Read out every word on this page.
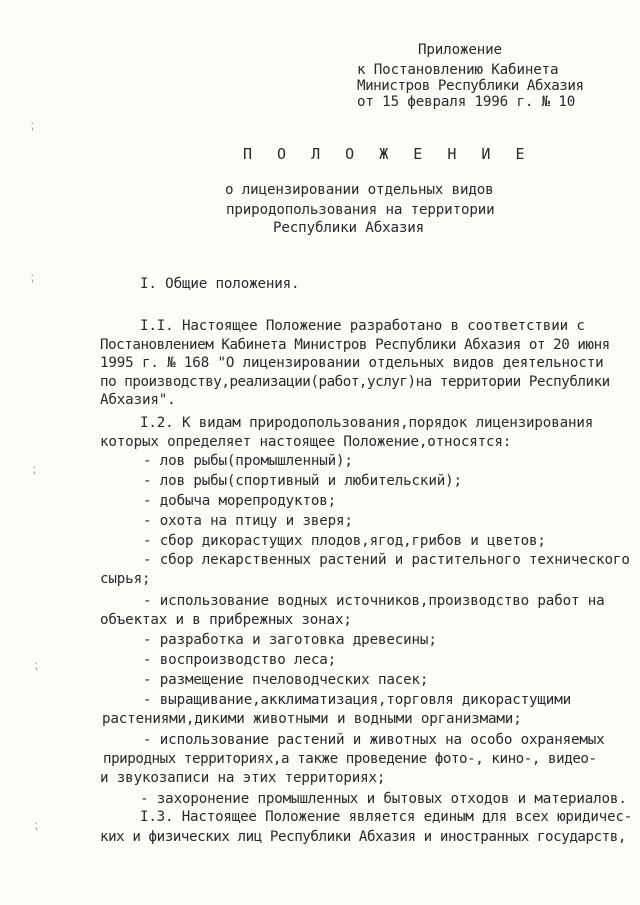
⁏
⁏
⁏
⁏
⁏
Приложение
к Постановлению Кабинета
Министров Республики Абхазия
от 15 февраля 1996 г. № 10
П О Л О Ж Е Н И Е
о лицензировании отдельных видов
природопользования на территории
Республики Абхазия
I. Общие положения.
I.I. Настоящее Положение разработано в соответствии с
Постановлением Кабинета Министров Республики Абхазия от 20 июня
1995 г. № 168 "О лицензировании отдельных видов деятельности
по производству,реализации(работ,услуг)на территории Республики
Абхазия".
I.2. К видам природопользования,порядок лицензирования
которых определяет настоящее Положение,относятся:
- лов рыбы(промышленный);
- лов рыбы(спортивный и любительский);
- добыча морепродуктов;
- охота на птицу и зверя;
- сбор дикорастущих плодов,ягод,грибов и цветов;
- сбор лекарственных растений и растительного технического
сырья;
- использование водных источников,производство работ на
объектах и в прибрежных зонах;
- разработка и заготовка древесины;
- воспроизводство леса;
- размещение пчеловодческих пасек;
- выращивание,акклиматизация,торговля дикорастущими
растениями,дикими животными и водными организмами;
- использование растений и животных на особо охраняемых
природных территориях,а также проведение фото-, кино-, видео-
и звукозаписи на этих территориях;
- захоронение промышленных и бытовых отходов и материалов.
I.3. Настоящее Положение является единым для всех юридичес-
ких и физических лиц Республики Абхазия и иностранных государств,
